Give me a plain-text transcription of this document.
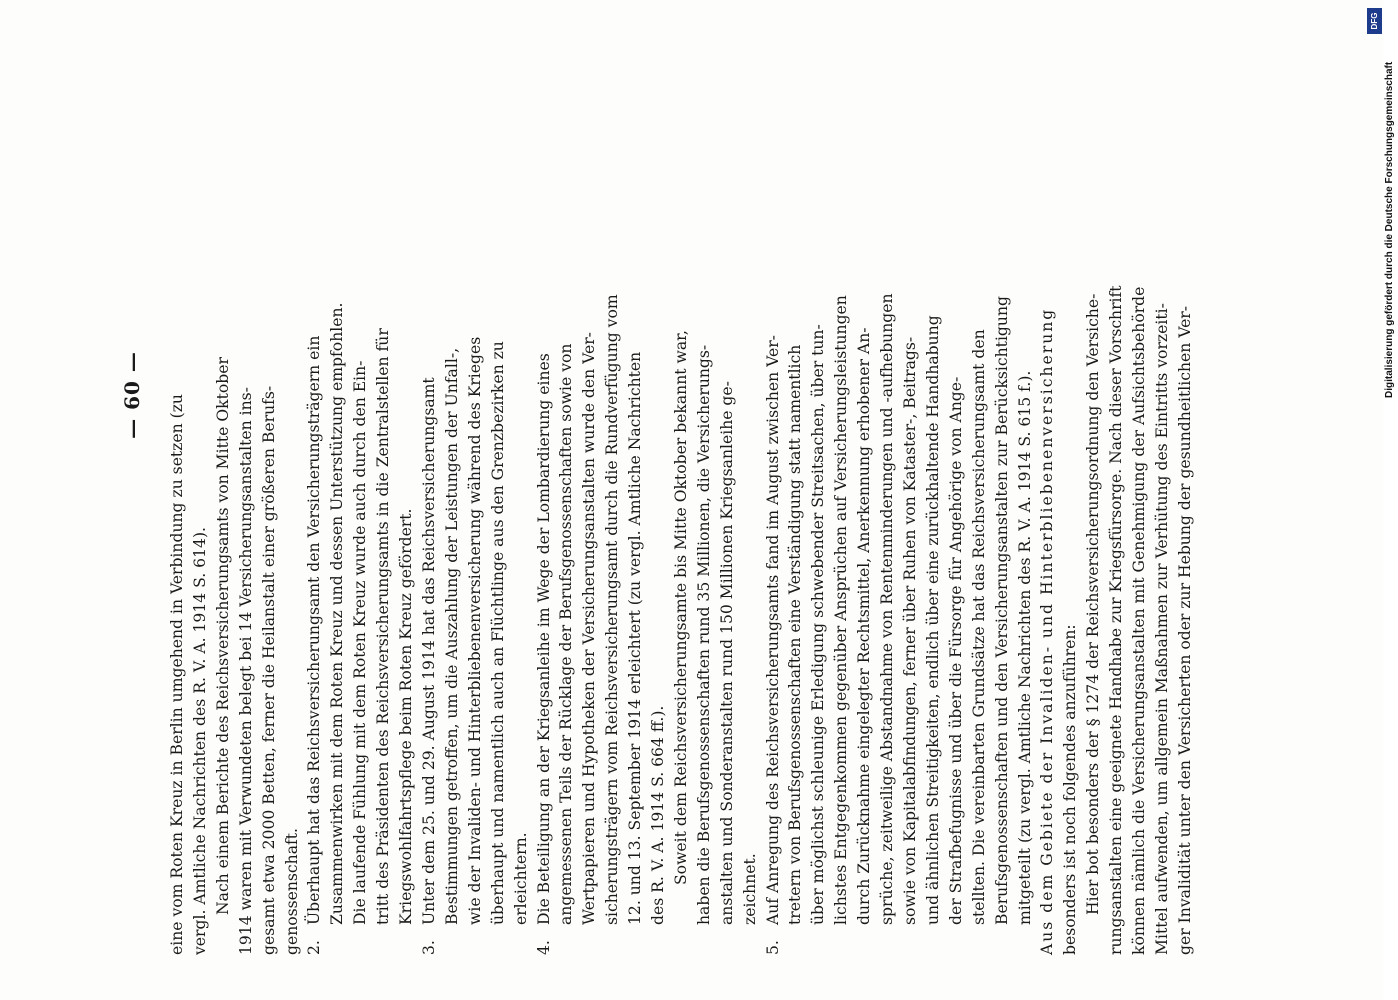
— 60 —	eine vom Roten Kreuz in Berlin umgehend in Verbindung zu setzen (zu vergl. Amtliche Nachrichten des R. V. A. 1914 S. 614). Nach einem Berichte des Reichsversicherungsamts von Mitte Oktober 1914 waren mit Verwundeten belegt bei 14 Versicherungsanstalten ins- gesamt etwa 2000 Betten, ferner die Heilanstalt einer größeren Berufs- genossenschaft. 2.
Überhaupt hat das Reichsversicherungsamt den Versicherungsträgern ein Zusammenwirken mit dem Roten Kreuz und dessen Unterstützung empfohlen. Die laufende Fühlung mit dem Roten Kreuz wurde auch durch den Ein- tritt des Präsidenten des Reichsversicherungsamts in die Zentralstellen für Kriegswohlfahrtspflege beim Roten Kreuz gefördert.
3.
Unter dem 25. und 29. August 1914 hat das Reichsversicherungsamt Bestimmungen getroffen, um die Auszahlung der Leistungen der Unfall-, wie der Invaliden- und Hinterbliebenenversicherung während des Krieges überhaupt und namentlich auch an Flüchtlinge aus den Grenzbezirken zu erleichtern.
4.
Die Beteiligung an der Kriegsanleihe im Wege der Lombardierung eines angemessenen Teils der Rücklage der Berufsgenossenschaften sowie von Wertpapieren und Hypotheken der Versicherungsanstalten wurde den Ver- sicherungsträgern vom Reichsversicherungsamt durch die Rundverfügung vom 12. und 13. September 1914 erleichtert (zu vergl. Amtliche Nachrichten des R. V. A. 1914 S. 664 ff.). Soweit dem Reichsversicherungsamte bis Mitte Oktober bekannt war, haben die Berufsgenossenschaften rund 35 Millionen, die Versicherungs- anstalten und Sonderanstalten rund 150 Millionen Kriegsanleihe ge- zeichnet.
5.
Auf Anregung des Reichsversicherungsamts fand im August zwischen Ver- tretern von Berufsgenossenschaften eine Verständigung statt namentlich über möglichst schleunige Erledigung schwebender Streitsachen, über tun- lichstes Entgegenkommen gegenüber Ansprüchen auf Versicherungsleistungen durch Zurücknahme eingelegter Rechtsmittel, Anerkennung erhobener An- sprüche, zeitweilige Abstandnahme von Rentenminderungen und -aufhebungen sowie von Kapitalabfindungen, ferner über Ruhen von Kataster-, Beitrags- und ähnlichen Streitigkeiten, endlich über eine zurückhaltende Handhabung der Strafbefugnisse und über die Fürsorge für Angehörige von Ange- stellten. Die vereinbarten Grundsätze hat das Reichsversicherungsamt den Berufsgenossenschaften und den Versicherungsanstalten zur Berücksichtigung mitgeteilt (zu vergl. Amtliche Nachrichten des R. V. A. 1914 S. 615 f.). Aus dem Gebiete der Invaliden- und Hinterbliebenenversicherung besonders ist noch folgendes anzuführen: Hier bot besonders der § 1274 der Reichsversicherungsordnung den Versiche- rungsanstalten eine geeignete Handhabe zur Kriegsfürsorge. Nach dieser Vorschrift können nämlich die Versicherungsanstalten mit Genehmigung der Aufsichtsbehörde Mittel aufwenden, um allgemein Maßnahmen zur Verhütung des Eintritts vorzeiti- ger Invalidität unter den Versicherten oder zur Hebung der gesundheitlichen Ver-
Digitalisierung gefördert durch die Deutsche Forschungsgemeinschaft
DFG
